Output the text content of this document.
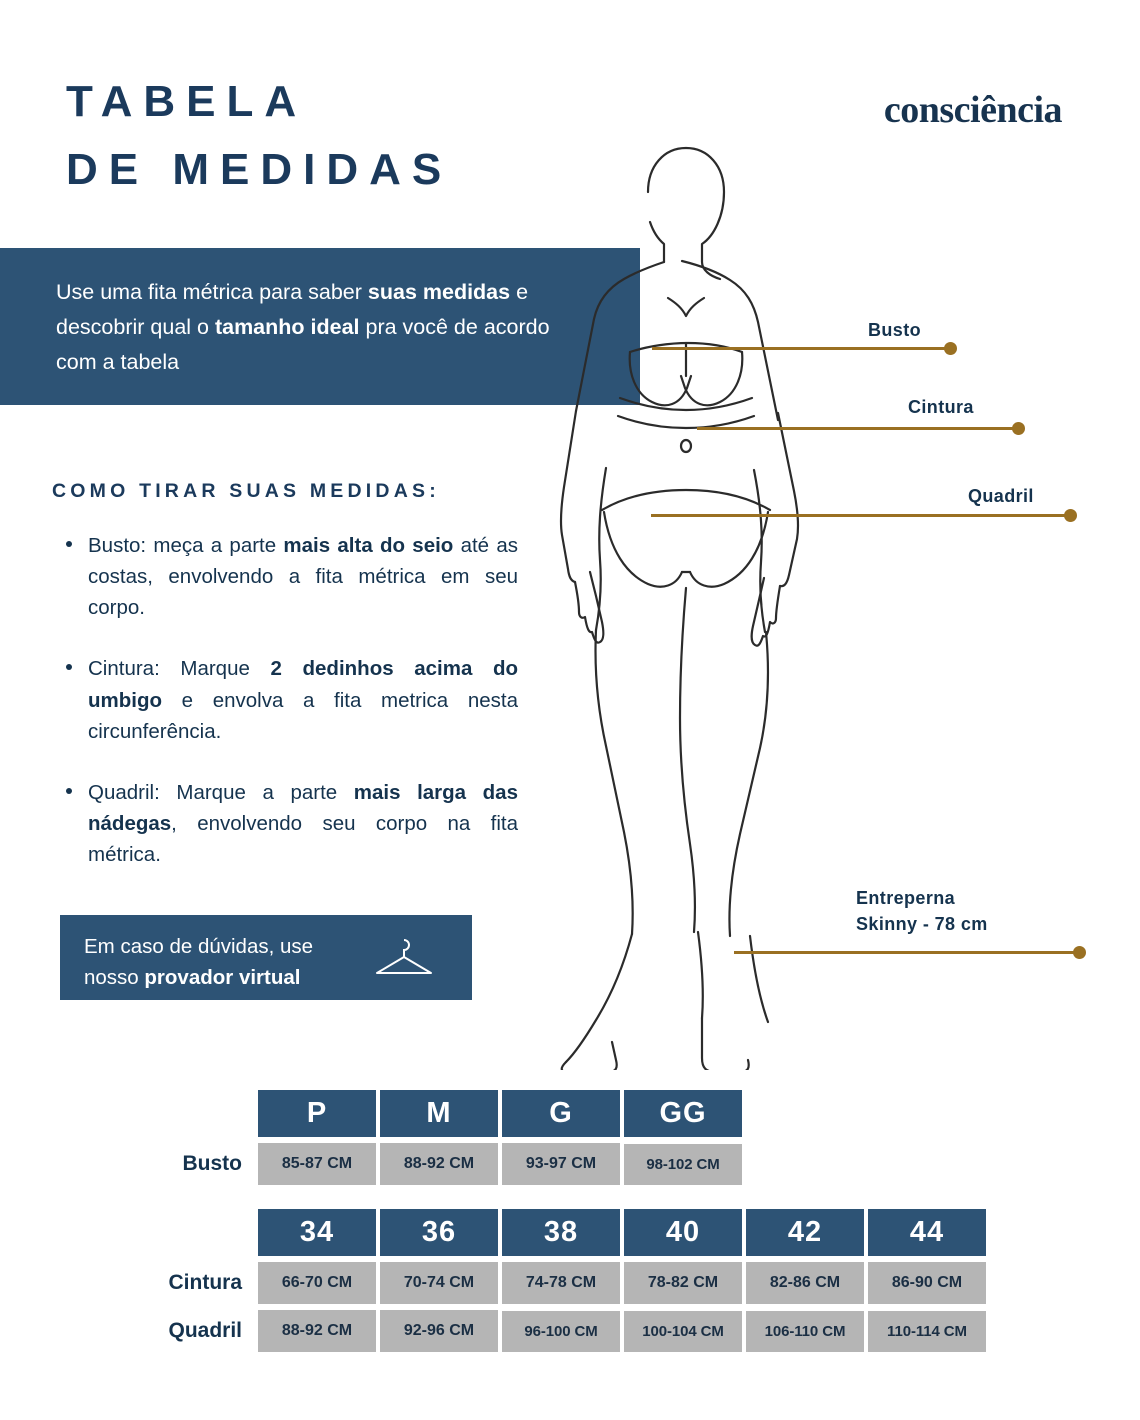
TABELA
DE MEDIDAS
consciência
Use uma fita métrica para saber suas medidas e descobrir qual o tamanho ideal pra você de acordo com a tabela
COMO TIRAR SUAS MEDIDAS:
Busto: meça a parte mais alta do seio até as costas, envolvendo a fita métrica em seu corpo.
Cintura: Marque 2 dedinhos acima do umbigo e envolva a fita metrica nesta circunferência.
Quadril: Marque a parte mais larga das nádegas, envolvendo seu corpo na fita métrica.
Em caso de dúvidas, use
nosso provador virtual
Busto
Cintura
Quadril
Entreperna
Skinny - 78 cm
P	M	G	GG
Busto	85-87 CM	88-92 CM	93-97 CM	98-102 CM
34	36	38	40	42	44
Cintura	66-70 CM	70-74 CM	74-78 CM	78-82 CM	82-86 CM	86-90 CM
Quadril	88-92 CM	92-96 CM	96-100 CM	100-104 CM	106-110 CM	110-114 CM
